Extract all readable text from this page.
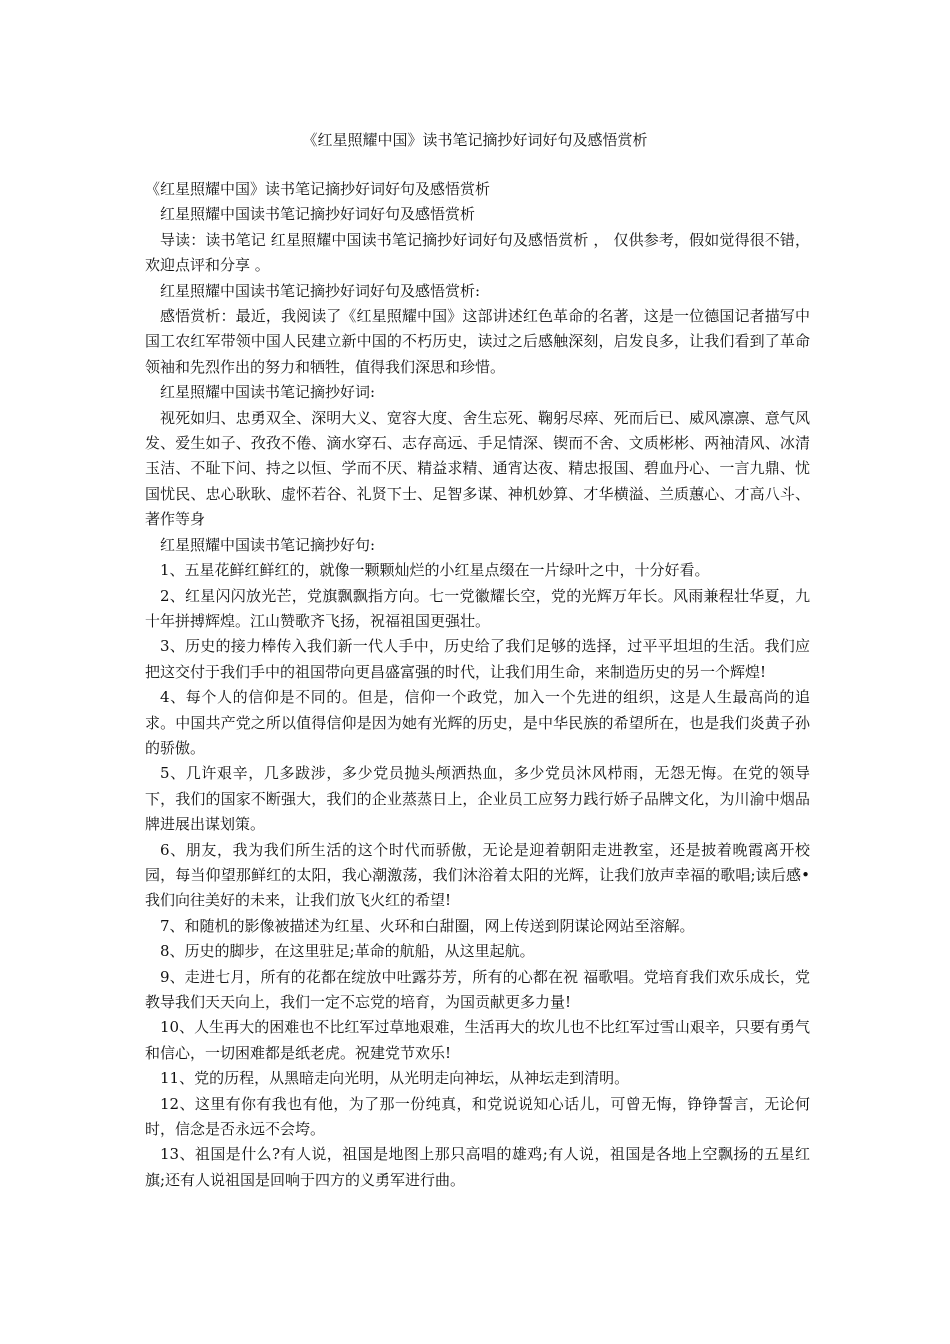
《红星照耀中国》读书笔记摘抄好词好句及感悟赏析

《红星照耀中国》读书笔记摘抄好词好句及感悟赏析

红星照耀中国读书笔记摘抄好词好句及感悟赏析

导读：读书笔记 红星照耀中国读书笔记摘抄好词好句及感悟赏析 ， 仅供参考，假如觉得很不错，欢迎点评和分享 。

红星照耀中国读书笔记摘抄好词好句及感悟赏析:

感悟赏析：最近，我阅读了《红星照耀中国》这部讲述红色革命的名著，这是一位德国记者描写中国工农红军带领中国人民建立新中国的不朽历史，读过之后感触深刻，启发良多，让我们看到了革命领袖和先烈作出的努力和牺牲，值得我们深思和珍惜。

红星照耀中国读书笔记摘抄好词:

视死如归、忠勇双全、深明大义、宽容大度、舍生忘死、鞠躬尽瘁、死而后已、威风凛凛、意气风发、爱生如子、孜孜不倦、滴水穿石、志存高远、手足情深、锲而不舍、文质彬彬、两袖清风、冰清玉洁、不耻下问、持之以恒、学而不厌、精益求精、通宵达夜、精忠报国、碧血丹心、一言九鼎、忧国忧民、忠心耿耿、虚怀若谷、礼贤下士、足智多谋、神机妙算、才华横溢、兰质蕙心、才高八斗、著作等身

红星照耀中国读书笔记摘抄好句:

1、五星花鲜红鲜红的，就像一颗颗灿烂的小红星点缀在一片绿叶之中，十分好看。

2、红星闪闪放光芒，党旗飘飘指方向。七一党徽耀长空，党的光辉万年长。风雨兼程壮华夏，九十年拼搏辉煌。江山赞歌齐飞扬，祝福祖国更强壮。

3、历史的接力棒传入我们新一代人手中，历史给了我们足够的选择，过平平坦坦的生活。我们应把这交付于我们手中的祖国带向更昌盛富强的时代，让我们用生命，来制造历史的另一个辉煌!

4、每个人的信仰是不同的。但是，信仰一个政党，加入一个先进的组织，这是人生最高尚的追求。中国共产党之所以值得信仰是因为她有光辉的历史，是中华民族的希望所在，也是我们炎黄子孙的骄傲。

5、几许艰辛，几多跋涉，多少党员抛头颅洒热血，多少党员沐风栉雨，无怨无悔。在党的领导下，我们的国家不断强大，我们的企业蒸蒸日上，企业员工应努力践行娇子品牌文化，为川渝中烟品牌进展出谋划策。

6、朋友，我为我们所生活的这个时代而骄傲，无论是迎着朝阳走进教室，还是披着晚霞离开校园，每当仰望那鲜红的太阳，我心潮激荡，我们沐浴着太阳的光辉，让我们放声幸福的歌唱;读后感•我们向往美好的未来，让我们放飞火红的希望!

7、和随机的影像被描述为红星、火环和白甜圈，网上传送到阴谋论网站至溶解。

8、历史的脚步，在这里驻足;革命的航船，从这里起航。

9、走进七月，所有的花都在绽放中吐露芬芳，所有的心都在祝 福歌唱。党培育我们欢乐成长，党教导我们天天向上，我们一定不忘党的培育，为国贡献更多力量!

10、人生再大的困难也不比红军过草地艰难，生活再大的坎儿也不比红军过雪山艰辛，只要有勇气和信心，一切困难都是纸老虎。祝建党节欢乐!

11、党的历程，从黑暗走向光明，从光明走向神坛，从神坛走到清明。

12、这里有你有我也有他，为了那一份纯真，和党说说知心话儿，可曾无悔，铮铮誓言，无论何时，信念是否永远不会垮。

13、祖国是什么?有人说，祖国是地图上那只高唱的雄鸡;有人说，祖国是各地上空飘扬的五星红旗;还有人说祖国是回响于四方的义勇军进行曲。
